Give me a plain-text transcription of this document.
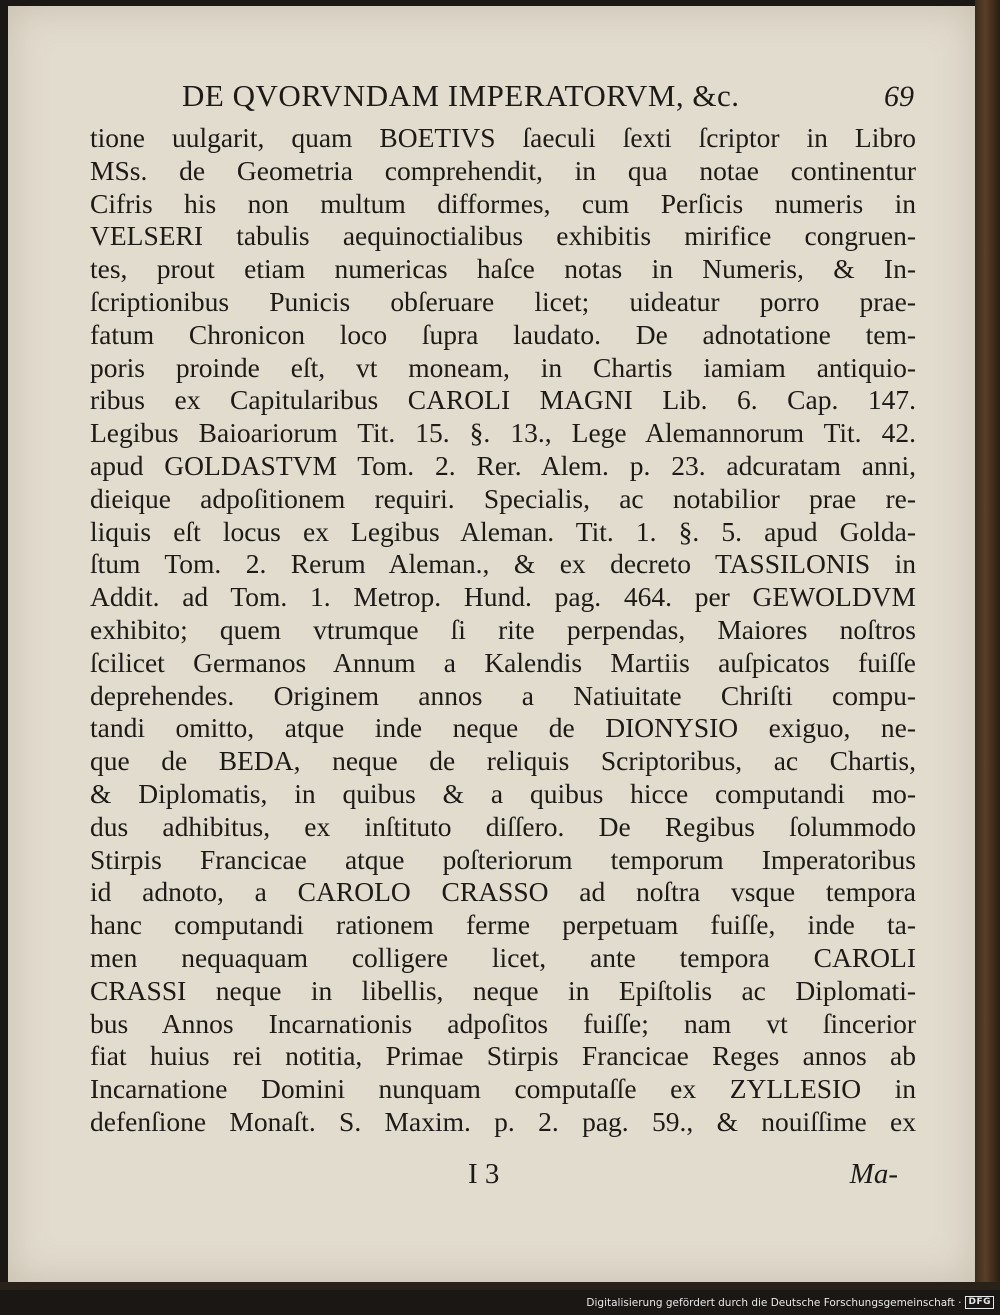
DE QVORVNDAM IMPERATORVM, &c.	69
tione uulgarit, quam BOETIVS ſaeculi ſexti ſcriptor in Libro
MSs. de Geometria comprehendit, in qua notae continentur
Cifris his non multum difformes, cum Perſicis numeris in
VELSERI tabulis aequinoctialibus exhibitis mirifice congruen-
tes, prout etiam numericas haſce notas in Numeris, & In-
ſcriptionibus Punicis obſeruare licet; uideatur porro prae-
fatum Chronicon loco ſupra laudato. De adnotatione tem-
poris proinde eſt, vt moneam, in Chartis iamiam antiquio-
ribus ex Capitularibus CAROLI MAGNI Lib. 6. Cap. 147.
Legibus Baioariorum Tit. 15. §. 13., Lege Alemannorum Tit. 42.
apud GOLDASTVM Tom. 2. Rer. Alem. p. 23. adcuratam anni,
dieique adpoſitionem requiri. Specialis, ac notabilior prae re-
liquis eſt locus ex Legibus Aleman. Tit. 1. §. 5. apud Golda-
ſtum Tom. 2. Rerum Aleman., & ex decreto TASSILONIS in
Addit. ad Tom. 1. Metrop. Hund. pag. 464. per GEWOLDVM
exhibito; quem vtrumque ſi rite perpendas, Maiores noſtros
ſcilicet Germanos Annum a Kalendis Martiis auſpicatos fuiſſe
deprehendes. Originem annos a Natiuitate Chriſti compu-
tandi omitto, atque inde neque de DIONYSIO exiguo, ne-
que de BEDA, neque de reliquis Scriptoribus, ac Chartis,
& Diplomatis, in quibus & a quibus hicce computandi mo-
dus adhibitus, ex inſtituto diſſero. De Regibus ſolummodo
Stirpis Francicae atque poſteriorum temporum Imperatoribus
id adnoto, a CAROLO CRASSO ad noſtra vsque tempora
hanc computandi rationem ferme perpetuam fuiſſe, inde ta-
men nequaquam colligere licet, ante tempora CAROLI
CRASSI neque in libellis, neque in Epiſtolis ac Diplomati-
bus Annos Incarnationis adpoſitos fuiſſe; nam vt ſincerior
fiat huius rei notitia, Primae Stirpis Francicae Reges annos ab
Incarnatione Domini nunquam computaſſe ex ZYLLESIO in
defenſione Monaſt. S. Maxim. p. 2. pag. 59., & nouiſſime ex
I 3	Ma-
Digitalisierung gefördert durch die Deutsche Forschungsgemeinschaft · DFG
